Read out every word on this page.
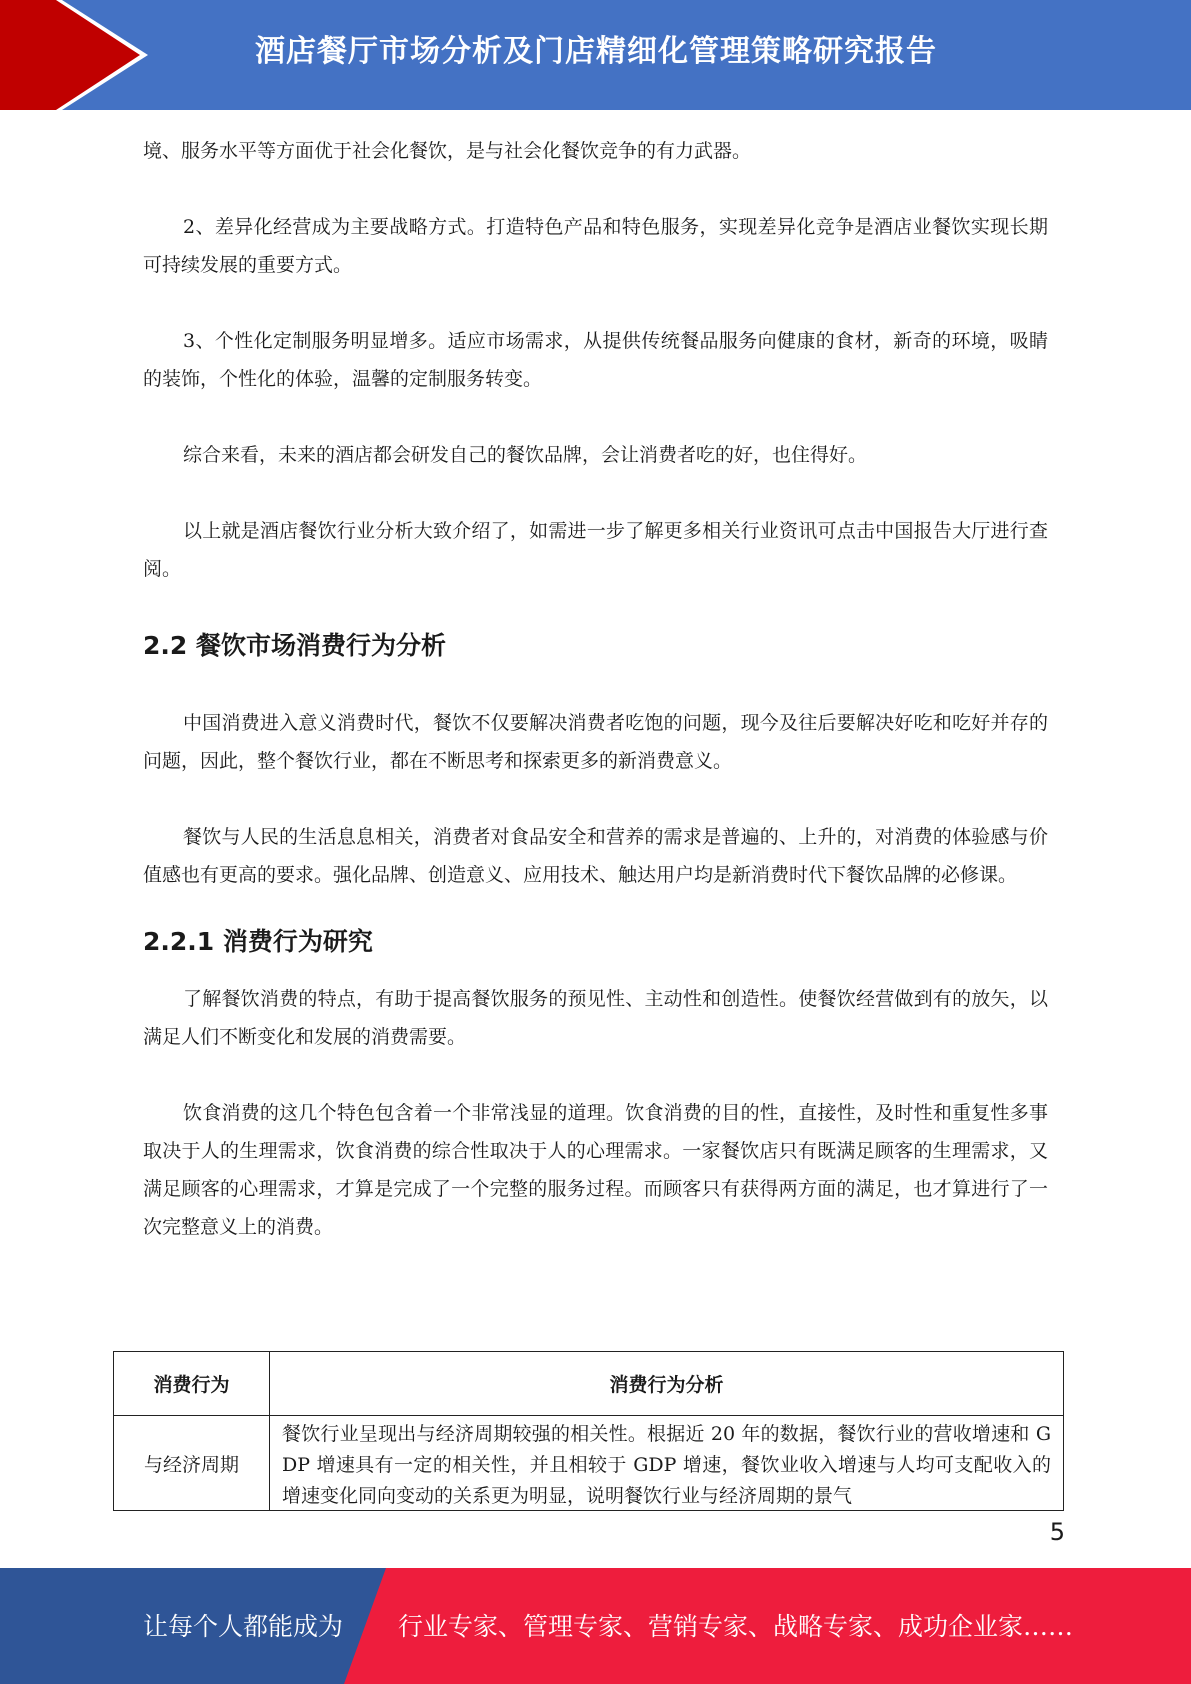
酒店餐厅市场分析及门店精细化管理策略研究报告

境、服务水平等方面优于社会化餐饮，是与社会化餐饮竞争的有力武器。

2、差异化经营成为主要战略方式。打造特色产品和特色服务，实现差异化竞争是酒店业餐饮实现长期可持续发展的重要方式。

3、个性化定制服务明显增多。适应市场需求，从提供传统餐品服务向健康的食材，新奇的环境，吸睛的装饰，个性化的体验，温馨的定制服务转变。

综合来看，未来的酒店都会研发自己的餐饮品牌，会让消费者吃的好，也住得好。

以上就是酒店餐饮行业分析大致介绍了，如需进一步了解更多相关行业资讯可点击中国报告大厅进行查阅。

2.2 餐饮市场消费行为分析

中国消费进入意义消费时代，餐饮不仅要解决消费者吃饱的问题，现今及往后要解决好吃和吃好并存的问题，因此，整个餐饮行业，都在不断思考和探索更多的新消费意义。

餐饮与人民的生活息息相关，消费者对食品安全和营养的需求是普遍的、上升的，对消费的体验感与价值感也有更高的要求。强化品牌、创造意义、应用技术、触达用户均是新消费时代下餐饮品牌的必修课。

2.2.1 消费行为研究

了解餐饮消费的特点，有助于提高餐饮服务的预见性、主动性和创造性。使餐饮经营做到有的放矢，以满足人们不断变化和发展的消费需要。

饮食消费的这几个特色包含着一个非常浅显的道理。饮食消费的目的性，直接性，及时性和重复性多事取决于人的生理需求，饮食消费的综合性取决于人的心理需求。一家餐饮店只有既满足顾客的生理需求，又满足顾客的心理需求，才算是完成了一个完整的服务过程。而顾客只有获得两方面的满足，也才算进行了一次完整意义上的消费。

消费行为	消费行为分析
与经济周期	餐饮行业呈现出与经济周期较强的相关性。根据近 20 年的数据，餐饮行业的营收增速和 GDP 增速具有一定的相关性，并且相较于 GDP 增速，餐饮业收入增速与人均可支配收入的增速变化同向变动的关系更为明显，说明餐饮行业与经济周期的景气
5
让每个人都能成为 行业专家、管理专家、营销专家、战略专家、成功企业家……
